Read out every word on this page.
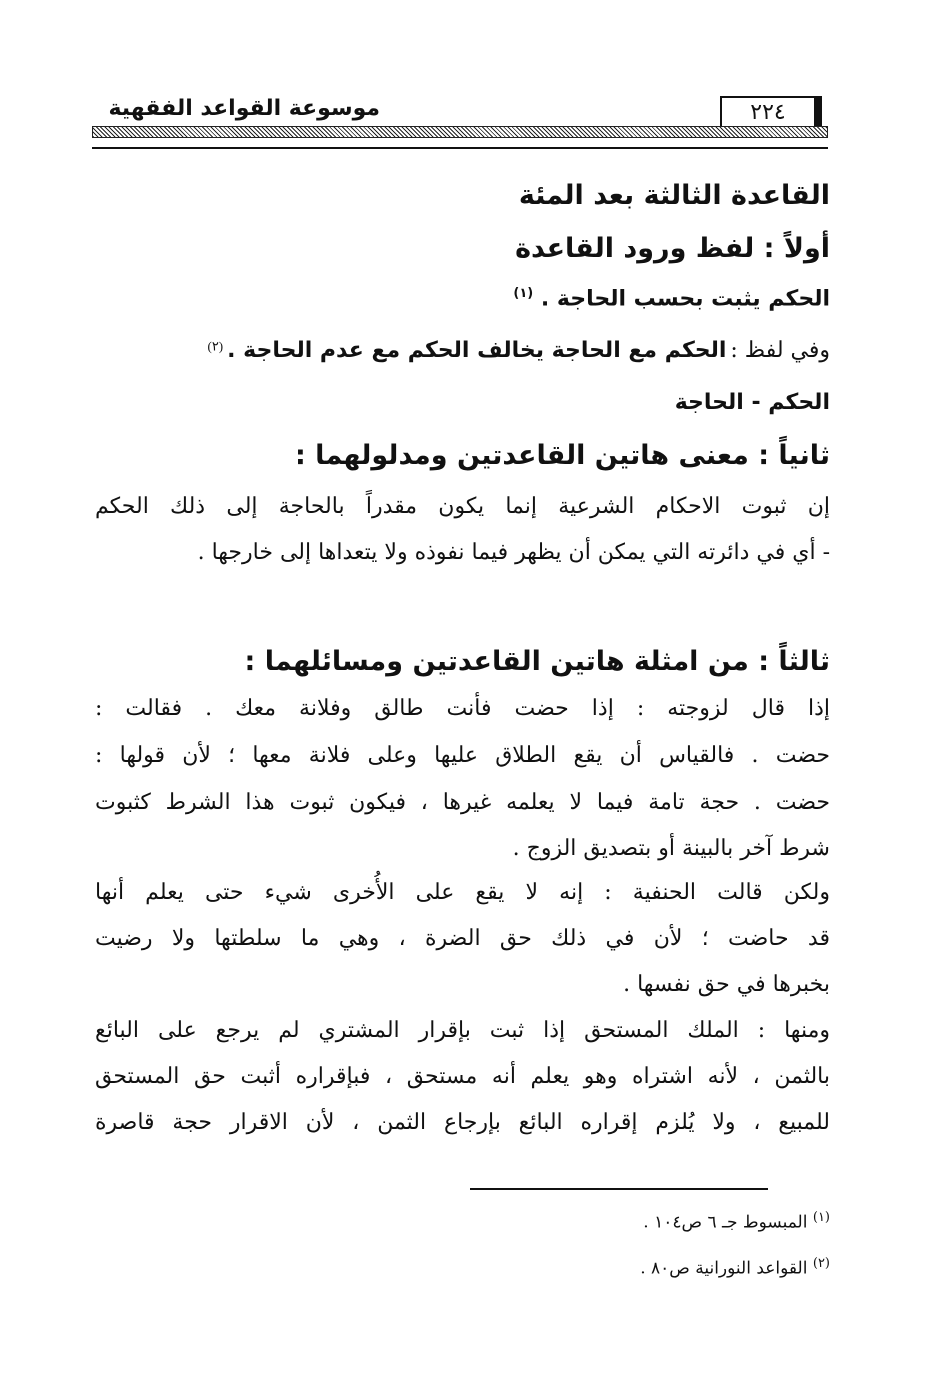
موسوعة القواعد الفقهية	٢٢٤
القاعدة الثالثة بعد المئة
أولاً : لفظ ورود القاعدة
الحكم يثبت بحسب الحاجة . $^{(١)}$
وفي لفظ : الحكم مع الحاجة يخالف الحكم مع عدم الحاجة . $^{(٢)}$
الحكم - الحاجة
ثانياً : معنى هاتين القاعدتين ومدلولهما :
إن ثبوت الاحكام الشرعية إنما يكون مقدراً بالحاجة إلى ذلك الحكم
- أي في دائرته التي يمكن أن يظهر فيما نفوذه ولا يتعداها إلى خارجها .
ثالثاً : من امثلة هاتين القاعدتين ومسائلهما :
إذا قال لزوجته : إذا حضت فأنت طالق وفلانة معك . فقالت :
حضت . فالقياس أن يقع الطلاق عليها وعلى فلانة معها ؛ لأن قولها :
حضت . حجة تامة فيما لا يعلمه غيرها ، فيكون ثبوت هذا الشرط كثبوت
شرط آخر بالبينة أو بتصديق الزوج .
ولكن قالت الحنفية : إنه لا يقع على الأُخرى شيء حتى يعلم أنها
قد حاضت ؛ لأن في ذلك حق الضرة ، وهي ما سلطتها ولا رضيت
بخبرها في حق نفسها .
ومنها : الملك المستحق إذا ثبت بإقرار المشتري لم يرجع على البائع
بالثمن ، لأنه اشتراه وهو يعلم أنه مستحق ، فبإقراره أثبت حق المستحق
للمبيع ، ولا يُلزم إقراره البائع بإرجاع الثمن ، لأن الاقرار حجة قاصرة
$^{(١)}$ المبسوط جـ ٦ ص١٠٤ .
$^{(٢)}$ القواعد النورانية ص٨٠ .
